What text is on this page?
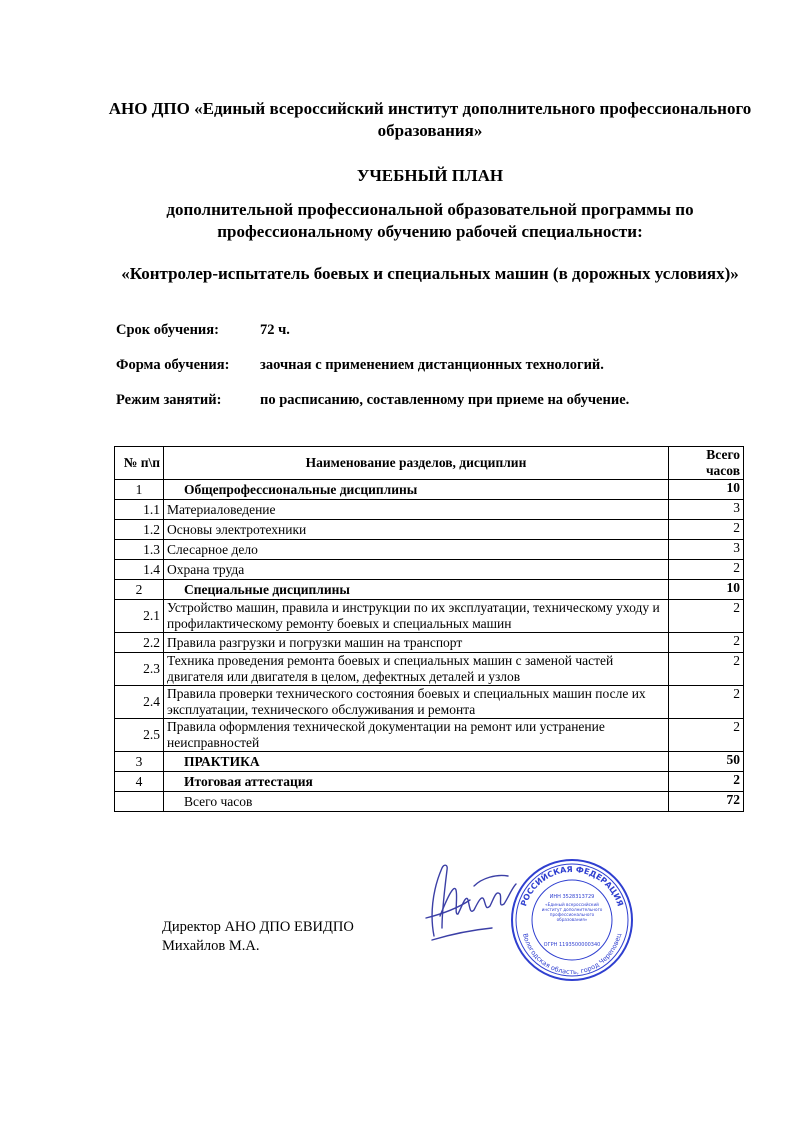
АНО ДПО «Единый всероссийский институт дополнительного профессионального образования»
УЧЕБНЫЙ ПЛАН
дополнительной профессиональной образовательной программы по профессиональному обучению рабочей специальности:
«Контролер-испытатель боевых и специальных машин (в дорожных условиях)»
Срок обучения:	72 ч.
Форма обучения: заочная с применением дистанционных технологий.
Режим занятий:	по расписанию, составленному при приеме на обучение.
№ п\п	Наименование разделов, дисциплин	Всего часов
1	Общепрофессиональные дисциплины	10
1.1	Материаловедение	3
1.2	Основы электротехники	2
1.3	Слесарное дело	3
1.4	Охрана труда	2
2	Специальные дисциплины	10
2.1	Устройство машин, правила и инструкции по их эксплуатации, техническому уходу и профилактическому ремонту боевых и специальных машин	2
2.2	Правила разгрузки и погрузки машин на транспорт	2
2.3	Техника проведения ремонта боевых и специальных машин с заменой частей двигателя или двигателя в целом, дефектных деталей и узлов	2
2.4	Правила проверки технического состояния боевых и специальных машин после их эксплуатации, технического обслуживания и ремонта	2
2.5	Правила оформления технической документации на ремонт или устранение неисправностей	2
3	ПРАКТИКА	50
4	Итоговая аттестация	2
	Всего часов	72
Директор АНО ДПО ЕВИДПО
Михайлов М.А.
РОССИЙСКАЯ ФЕДЕРАЦИЯ
Вологодская область, город Череповец
ИНН 3528313729
«Единый всероссийский институт дополнительного профессионального образования»
ОГРН 1193500000340
